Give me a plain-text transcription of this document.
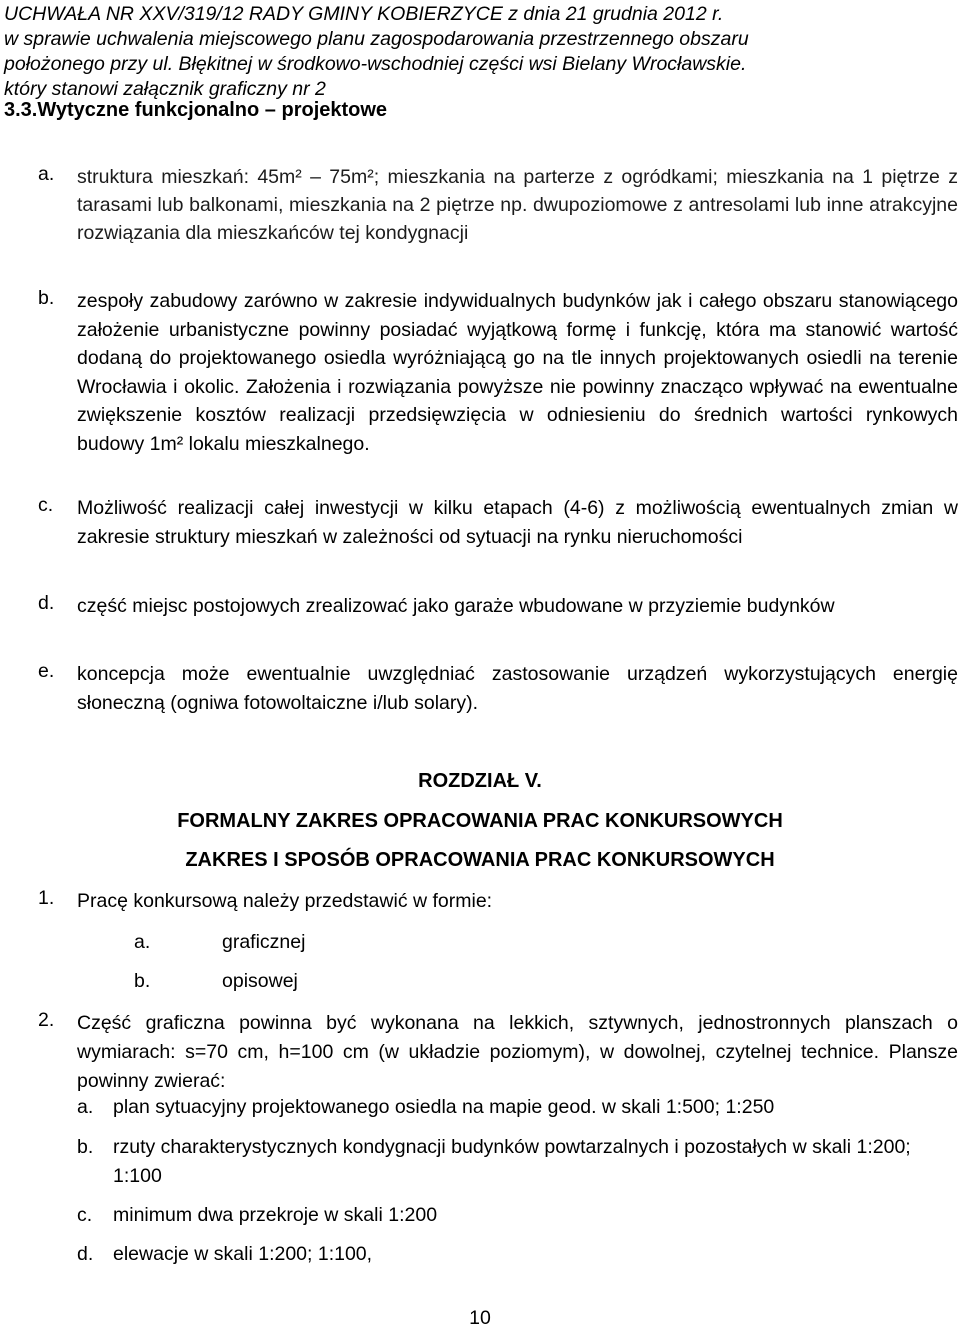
UCHWAŁA NR XXV/319/12 RADY GMINY KOBIERZYCE z dnia 21 grudnia 2012 r.
w sprawie uchwalenia miejscowego planu zagospodarowania przestrzennego obszaru
położonego przy ul. Błękitnej w środkowo-wschodniej części wsi Bielany Wrocławskie.
który stanowi załącznik graficzny nr 2
3.3.Wytyczne funkcjonalno – projektowe
a. struktura mieszkań: 45m² – 75m²; mieszkania na parterze z ogródkami; mieszkania na 1 piętrze z tarasami lub balkonami, mieszkania na 2 piętrze np. dwupoziomowe z antresolami lub inne atrakcyjne rozwiązania dla mieszkańców tej kondygnacji
b. zespoły zabudowy zarówno w zakresie indywidualnych budynków jak i całego obszaru stanowiącego założenie urbanistyczne powinny posiadać wyjątkową formę i funkcję, która ma stanowić wartość dodaną do projektowanego osiedla wyróżniającą go na tle innych projektowanych osiedli na terenie Wrocławia i okolic. Założenia i rozwiązania powyższe nie powinny znacząco wpływać na ewentualne zwiększenie kosztów realizacji przedsięwzięcia w odniesieniu do średnich wartości rynkowych budowy 1m² lokalu mieszkalnego.
c. Możliwość realizacji całej inwestycji w kilku etapach (4-6) z możliwością ewentualnych zmian w zakresie struktury mieszkań w zależności od sytuacji na rynku nieruchomości
d. część miejsc postojowych zrealizować jako garaże wbudowane w przyziemie budynków
e. koncepcja może ewentualnie uwzględniać zastosowanie urządzeń wykorzystujących energię słoneczną (ogniwa fotowoltaiczne i/lub solary).
ROZDZIAŁ V.
FORMALNY ZAKRES OPRACOWANIA PRAC KONKURSOWYCH
ZAKRES I SPOSÓB OPRACOWANIA PRAC KONKURSOWYCH
1. Pracę konkursową należy przedstawić w formie:
a.	graficznej
b.	opisowej
2. Część graficzna powinna być wykonana na lekkich, sztywnych, jednostronnych planszach o wymiarach: s=70 cm, h=100 cm (w układzie poziomym), w dowolnej, czytelnej technice. Plansze powinny zwierać:
a. plan sytuacyjny projektowanego osiedla na mapie geod. w skali 1:500; 1:250
b. rzuty charakterystycznych kondygnacji budynków powtarzalnych i pozostałych w skali 1:200; 1:100
c. minimum dwa przekroje w skali 1:200
d. elewacje w skali 1:200; 1:100,
10
